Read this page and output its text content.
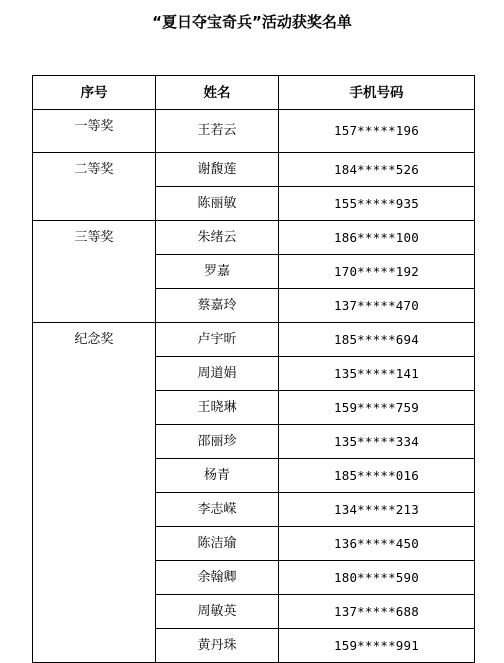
“夏日夺宝奇兵”活动获奖名单
序号	姓名	手机号码
一等奖	王若云	157*****196
二等奖	谢馥莲	184*****526
	陈丽敏	155*****935
三等奖	朱绪云	186*****100
	罗嘉	170*****192
	蔡嘉玲	137*****470
纪念奖	卢宇昕	185*****694
	周道娟	135*****141
	王晓琳	159*****759
	邵丽珍	135*****334
	杨青	185*****016
	李志嵘	134*****213
	陈洁瑜	136*****450
	余翰卿	180*****590
	周敏英	137*****688
	黄丹珠	159*****991
